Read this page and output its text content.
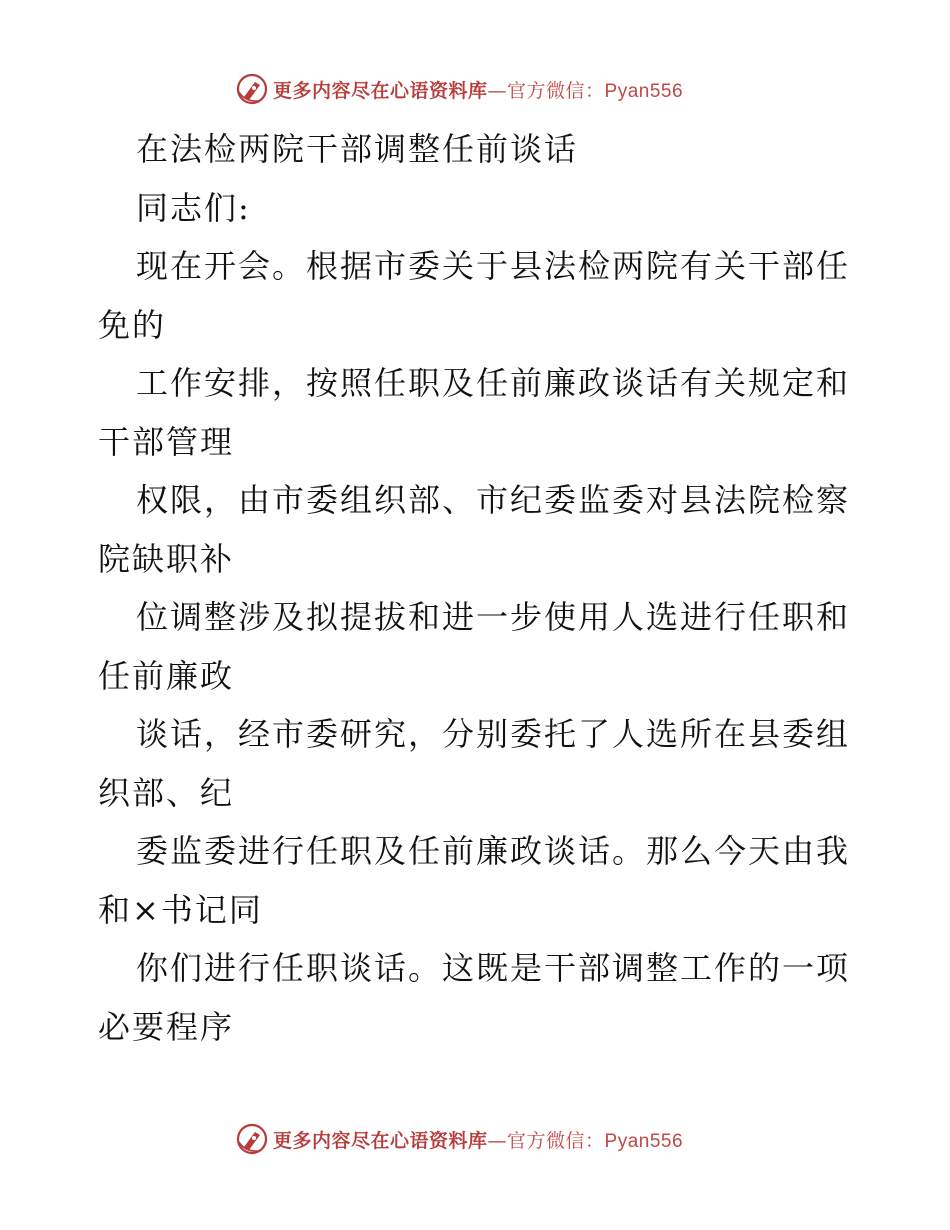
更多内容尽在心语资料库—官方微信：Pyan556
在法检两院干部调整任前谈话
同志们:
现在开会。根据市委关于县法检两院有关干部任
免的
工作安排，按照任职及任前廉政谈话有关规定和
干部管理
权限，由市委组织部、市纪委监委对县法院检察
院缺职补
位调整涉及拟提拔和进一步使用人选进行任职和
任前廉政
谈话，经市委研究，分别委托了人选所在县委组
织部、纪
委监委进行任职及任前廉政谈话。那么今天由我
和×书记同
你们进行任职谈话。这既是干部调整工作的一项
必要程序
更多内容尽在心语资料库—官方微信：Pyan556
